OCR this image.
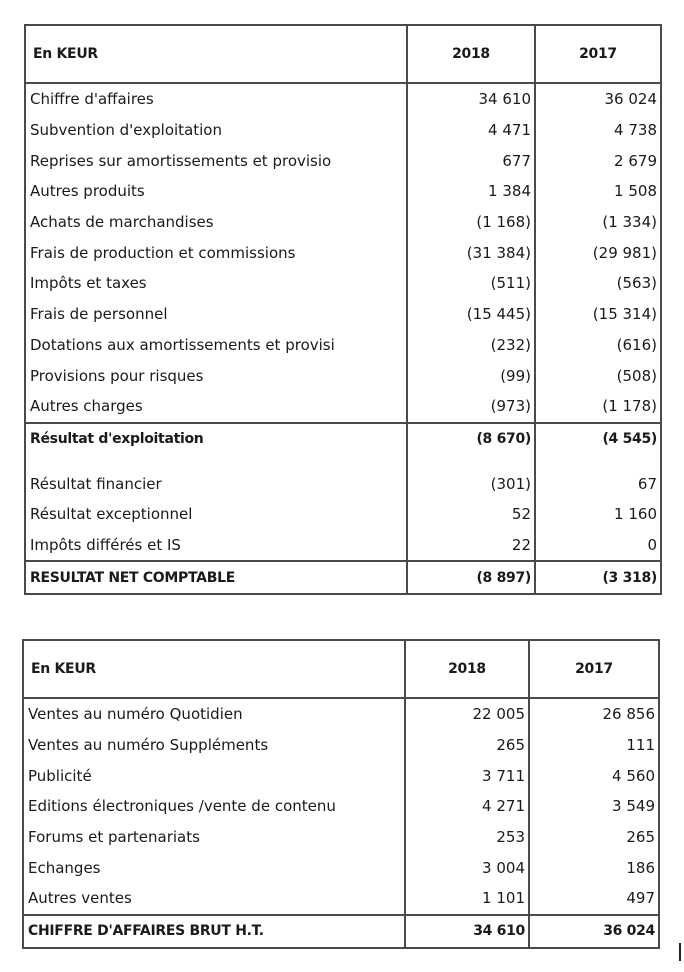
En KEUR	2018	2017
Chiffre d'affaires	34 610	36 024
Subvention d'exploitation	4 471	4 738
Reprises sur amortissements et provisio	677	2 679
Autres produits	1 384	1 508
Achats de marchandises	(1 168)	(1 334)
Frais de production et commissions	(31 384)	(29 981)
Impôts et taxes	(511)	(563)
Frais de personnel	(15 445)	(15 314)
Dotations aux amortissements et provisi	(232)	(616)
Provisions pour risques	(99)	(508)
Autres charges	(973)	(1 178)
Résultat d'exploitation	(8 670)	(4 545)

Résultat financier	(301)	67
Résultat exceptionnel	52	1 160
Impôts différés et IS	22	0
RESULTAT NET COMPTABLE	(8 897)	(3 318)
En KEUR	2018	2017
Ventes au numéro Quotidien	22 005	26 856
Ventes au numéro Suppléments	265	111
Publicité	3 711	4 560
Editions électroniques /vente de contenu	4 271	3 549
Forums et partenariats	253	265
Echanges	3 004	186
Autres ventes	1 101	497
CHIFFRE D'AFFAIRES BRUT H.T.	34 610	36 024
